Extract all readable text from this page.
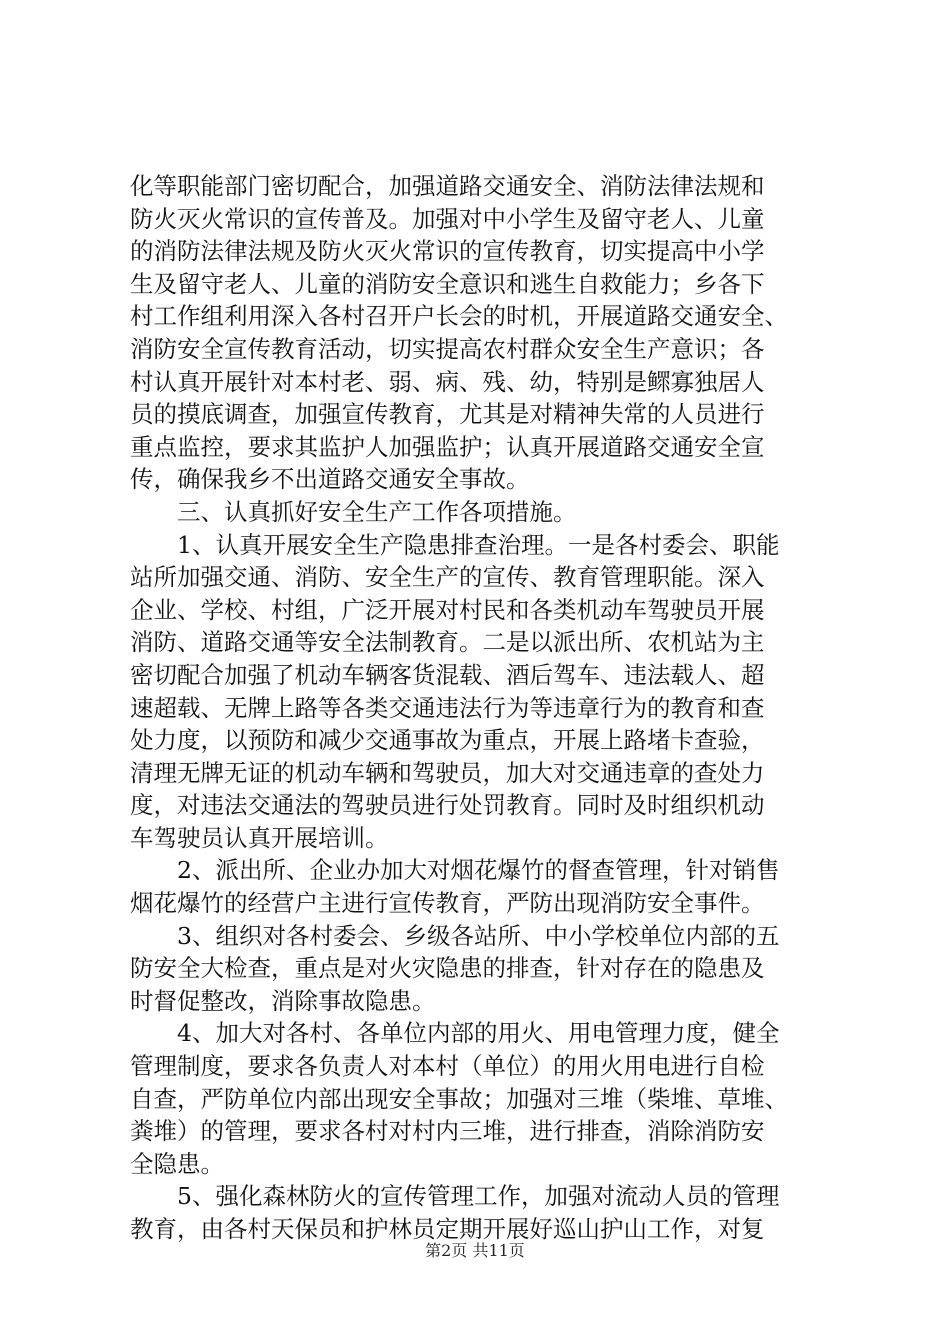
化等职能部门密切配合，加强道路交通安全、消防法律法规和
防火灭火常识的宣传普及。加强对中小学生及留守老人、儿童
的消防法律法规及防火灭火常识的宣传教育，切实提高中小学
生及留守老人、儿童的消防安全意识和逃生自救能力；乡各下
村工作组利用深入各村召开户长会的时机，开展道路交通安全、
消防安全宣传教育活动，切实提高农村群众安全生产意识；各
村认真开展针对本村老、弱、病、残、幼，特别是鳏寡独居人
员的摸底调查，加强宣传教育，尤其是对精神失常的人员进行
重点监控，要求其监护人加强监护；认真开展道路交通安全宣
传，确保我乡不出道路交通安全事故。
　　三、认真抓好安全生产工作各项措施。
　　1、认真开展安全生产隐患排查治理。一是各村委会、职能
站所加强交通、消防、安全生产的宣传、教育管理职能。深入
企业、学校、村组，广泛开展对村民和各类机动车驾驶员开展
消防、道路交通等安全法制教育。二是以派出所、农机站为主
密切配合加强了机动车辆客货混载、酒后驾车、违法载人、超
速超载、无牌上路等各类交通违法行为等违章行为的教育和查
处力度，以预防和减少交通事故为重点，开展上路堵卡查验，
清理无牌无证的机动车辆和驾驶员，加大对交通违章的查处力
度，对违法交通法的驾驶员进行处罚教育。同时及时组织机动
车驾驶员认真开展培训。
　　2、派出所、企业办加大对烟花爆竹的督查管理，针对销售
烟花爆竹的经营户主进行宣传教育，严防出现消防安全事件。
　　3、组织对各村委会、乡级各站所、中小学校单位内部的五
防安全大检查，重点是对火灾隐患的排查，针对存在的隐患及
时督促整改，消除事故隐患。
　　4、加大对各村、各单位内部的用火、用电管理力度，健全
管理制度，要求各负责人对本村（单位）的用火用电进行自检
自查，严防单位内部出现安全事故；加强对三堆（柴堆、草堆、
粪堆）的管理，要求各村对村内三堆，进行排查，消除消防安
全隐患。
　　5、强化森林防火的宣传管理工作，加强对流动人员的管理
教育，由各村天保员和护林员定期开展好巡山护山工作，对复
第2页 共11页
